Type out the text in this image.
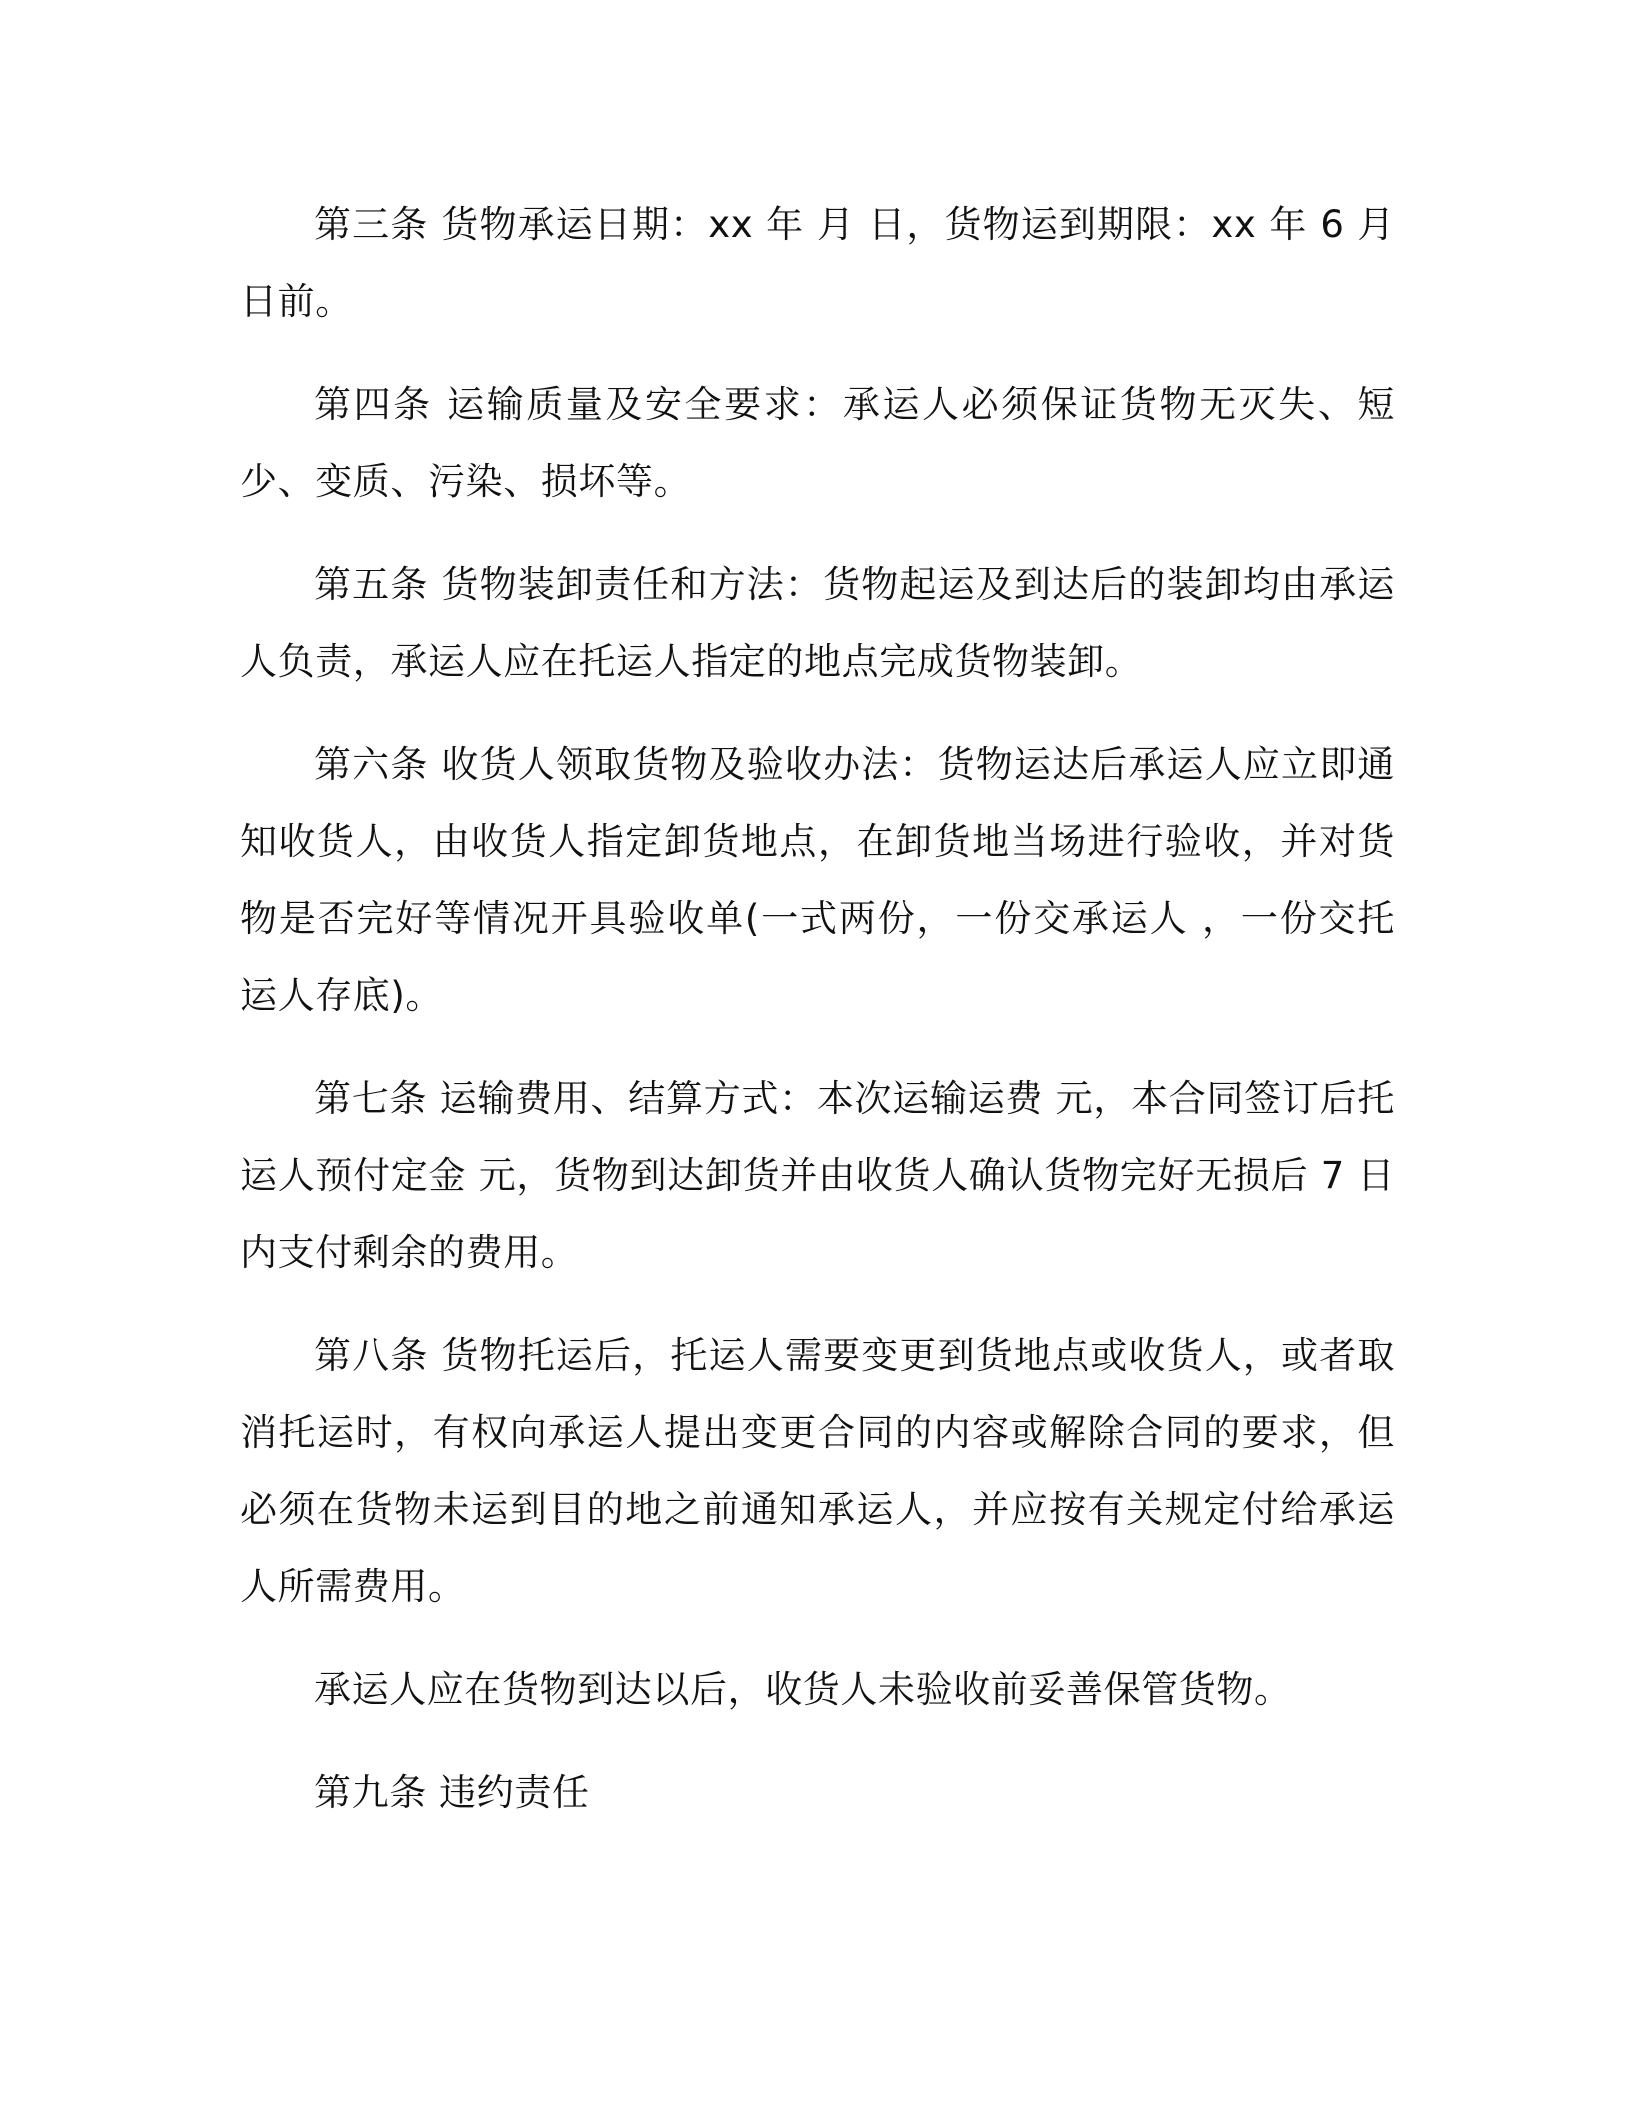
第三条 货物承运日期：xx 年 月 日，货物运到期限：xx 年 6 月 日前。

第四条 运输质量及安全要求：承运人必须保证货物无灭失、短少、变质、污染、损坏等。

第五条 货物装卸责任和方法：货物起运及到达后的装卸均由承运人负责，承运人应在托运人指定的地点完成货物装卸。

第六条 收货人领取货物及验收办法：货物运达后承运人应立即通知收货人，由收货人指定卸货地点，在卸货地当场进行验收，并对货物是否完好等情况开具验收单(一式两份，一份交承运人 ，一份交托运人存底)。

第七条 运输费用、结算方式：本次运输运费 元，本合同签订后托运人预付定金 元，货物到达卸货并由收货人确认货物完好无损后 7 日内支付剩余的费用。

第八条 货物托运后，托运人需要变更到货地点或收货人，或者取消托运时，有权向承运人提出变更合同的内容或解除合同的要求，但必须在货物未运到目的地之前通知承运人，并应按有关规定付给承运人所需费用。

承运人应在货物到达以后，收货人未验收前妥善保管货物。

第九条 违约责任
